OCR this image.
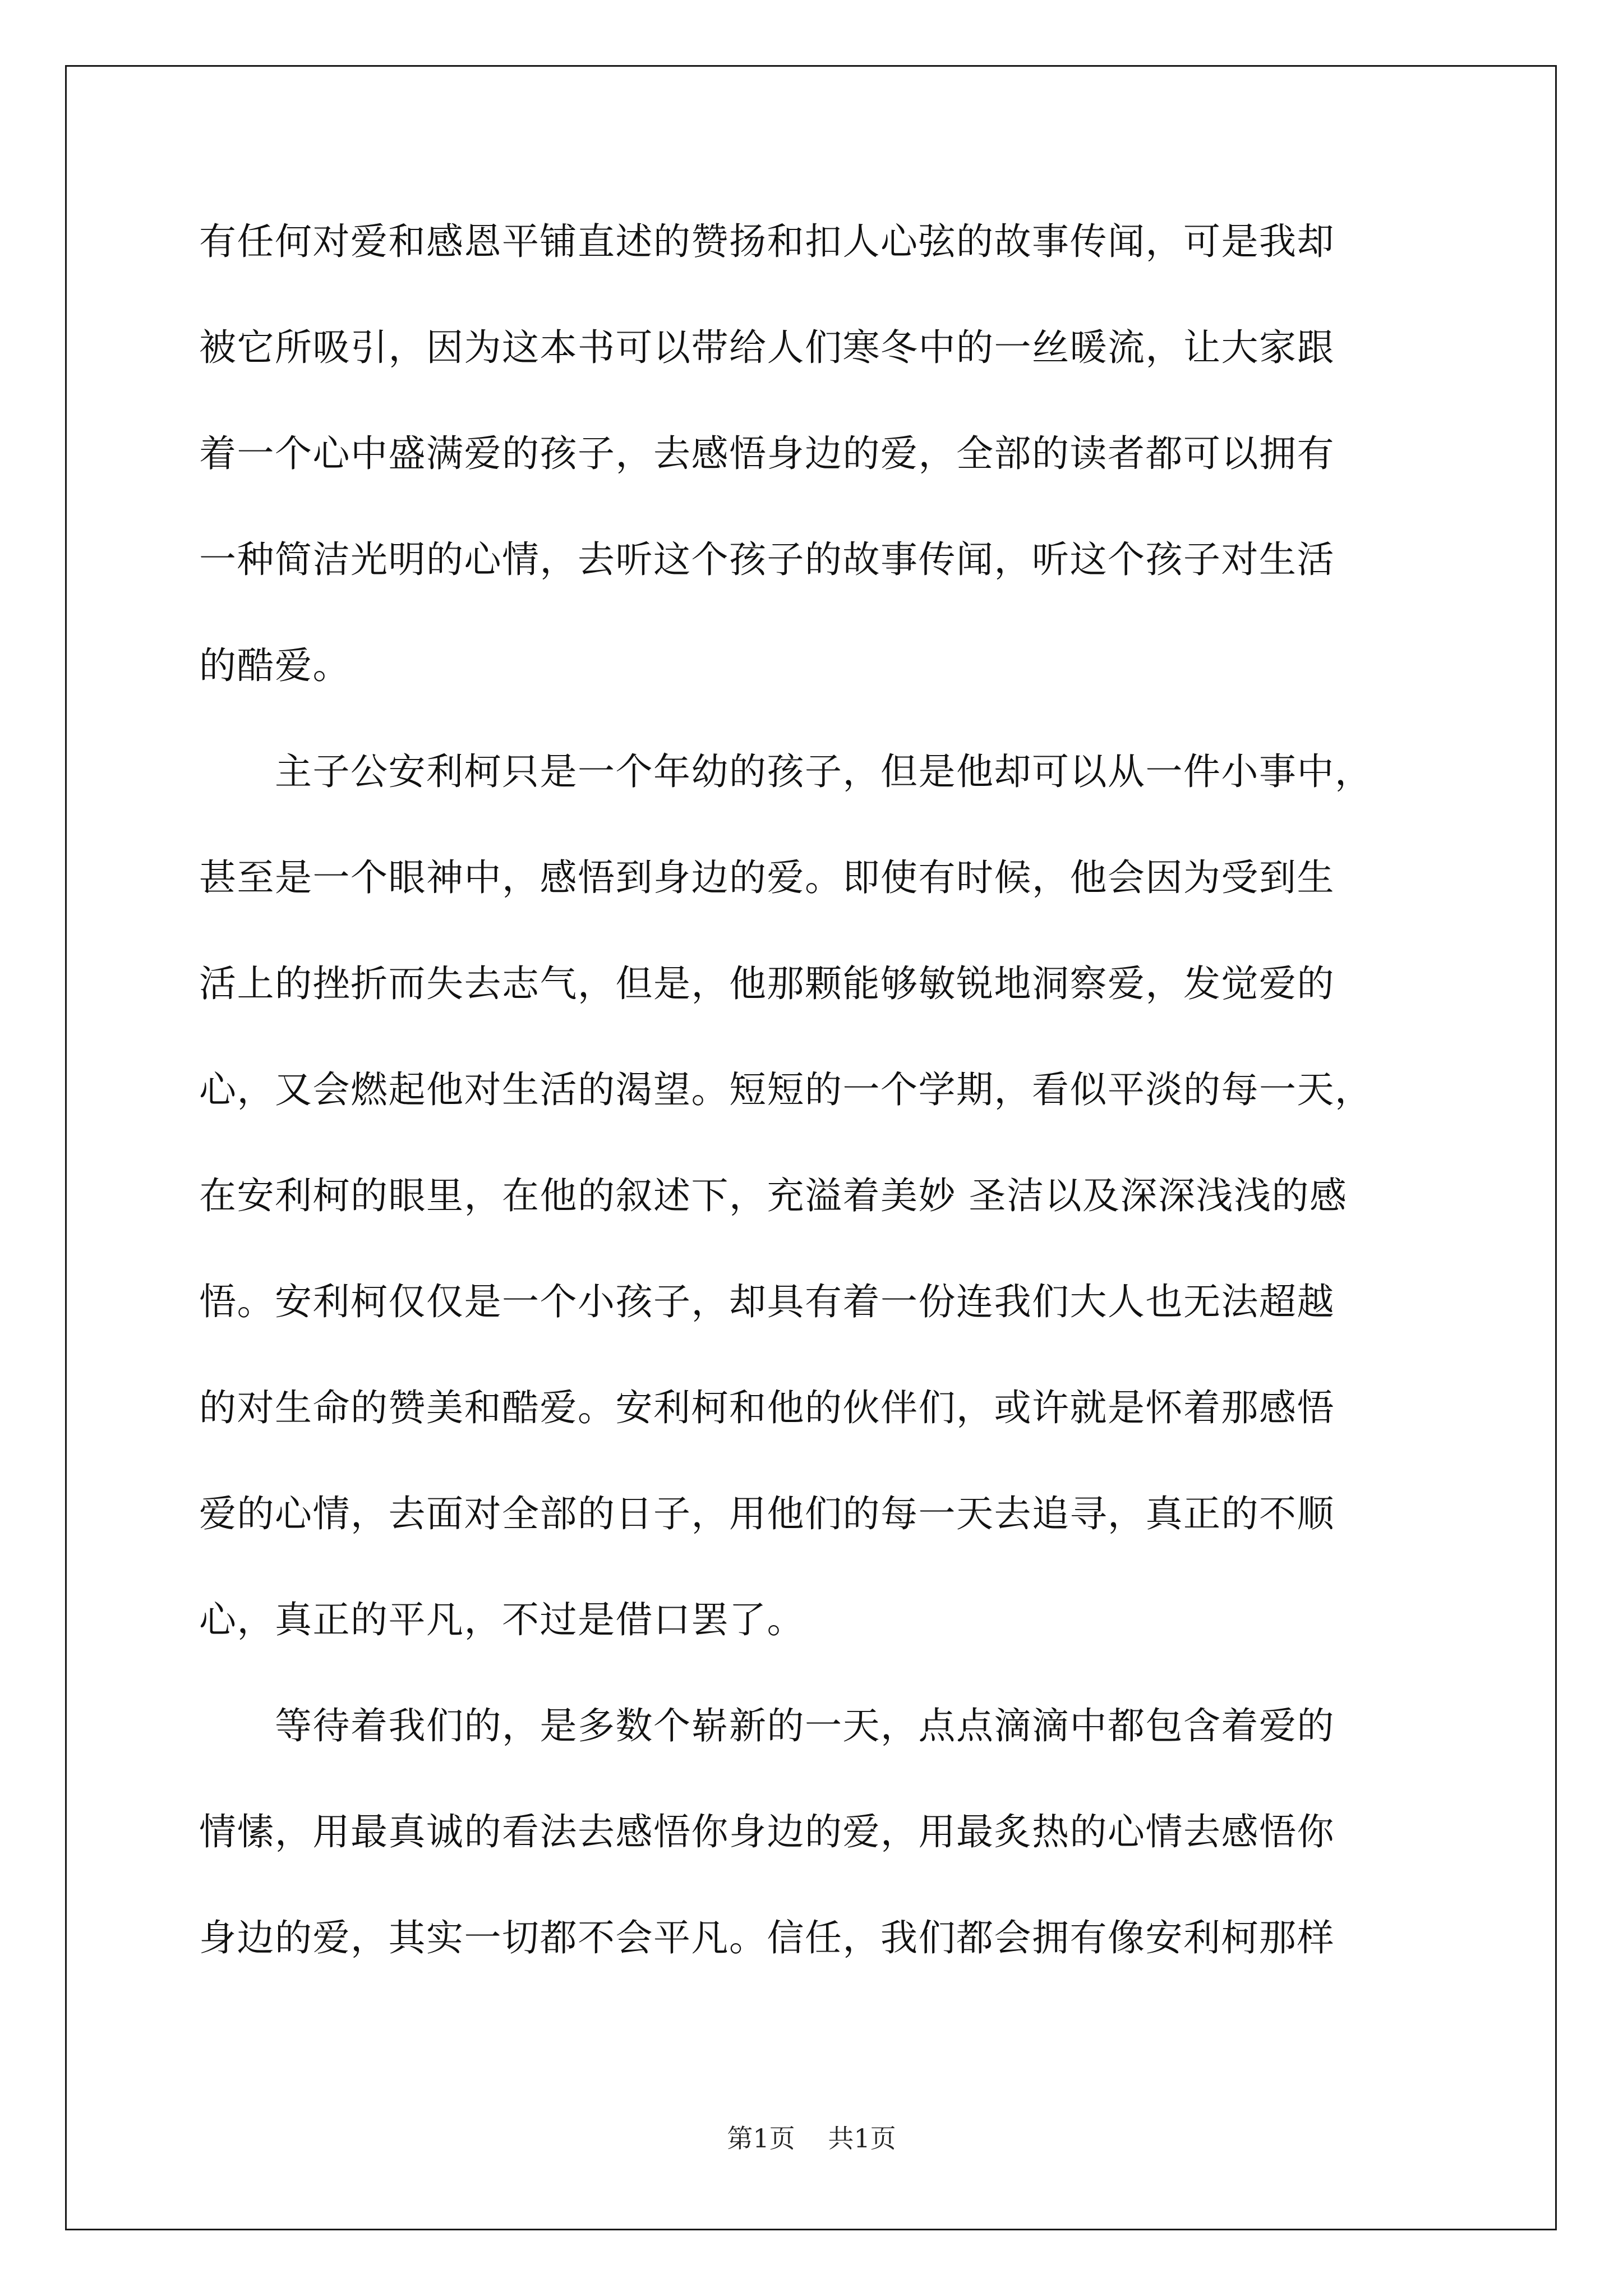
有任何对爱和感恩平铺直述的赞扬和扣人心弦的故事传闻，可是我却
被它所吸引，因为这本书可以带给人们寒冬中的一丝暖流，让大家跟
着一个心中盛满爱的孩子，去感悟身边的爱，全部的读者都可以拥有
一种简洁光明的心情，去听这个孩子的故事传闻，听这个孩子对生活
的酷爱。
　　主子公安利柯只是一个年幼的孩子，但是他却可以从一件小事中，
甚至是一个眼神中，感悟到身边的爱。即使有时候，他会因为受到生
活上的挫折而失去志气，但是，他那颗能够敏锐地洞察爱，发觉爱的
心，又会燃起他对生活的渴望。短短的一个学期，看似平淡的每一天，
在安利柯的眼里，在他的叙述下，充溢着美妙 圣洁以及深深浅浅的感
悟。安利柯仅仅是一个小孩子，却具有着一份连我们大人也无法超越
的对生命的赞美和酷爱。安利柯和他的伙伴们，或许就是怀着那感悟
爱的心情，去面对全部的日子，用他们的每一天去追寻，真正的不顺
心，真正的平凡，不过是借口罢了。
　　等待着我们的，是多数个崭新的一天，点点滴滴中都包含着爱的
情愫，用最真诚的看法去感悟你身边的爱，用最炙热的心情去感悟你
身边的爱，其实一切都不会平凡。信任，我们都会拥有像安利柯那样
第1页 共1页
